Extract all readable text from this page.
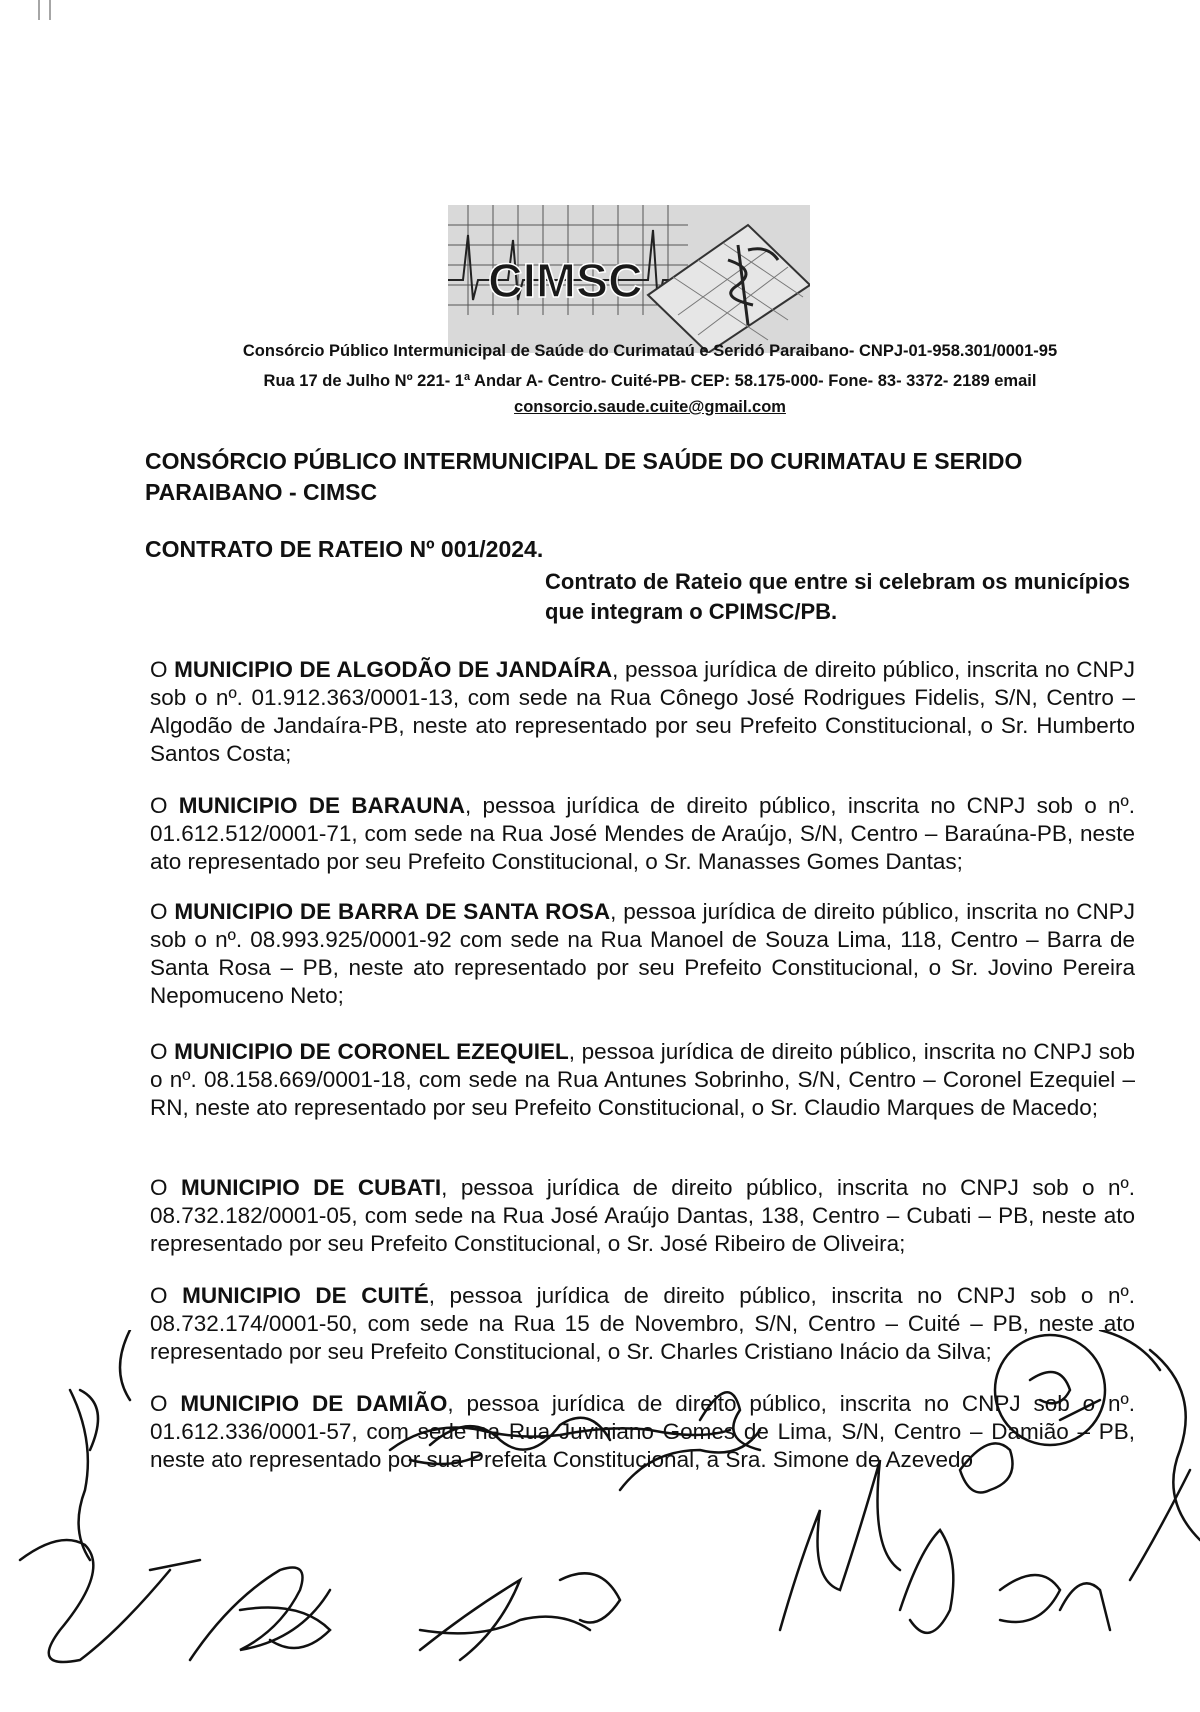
CIMSC
Consórcio Público Intermunicipal de Saúde do Curimataú e Seridó Paraibano- CNPJ-01-958.301/0001-95
Rua 17 de Julho Nº 221- 1ª Andar A- Centro- Cuité-PB- CEP: 58.175-000- Fone- 83- 3372- 2189 email
consorcio.saude.cuite@gmail.com
CONSÓRCIO PÚBLICO INTERMUNICIPAL DE SAÚDE DO CURIMATAU E SERIDO PARAIBANO - CIMSC
CONTRATO DE RATEIO Nº 001/2024.
Contrato de Rateio que entre si celebram os municípios que integram o CPIMSC/PB.
O MUNICIPIO DE ALGODÃO DE JANDAÍRA, pessoa jurídica de direito público, inscrita no CNPJ sob o nº. 01.912.363/0001-13, com sede na Rua Cônego José Rodrigues Fidelis, S/N, Centro – Algodão de Jandaíra-PB, neste ato representado por seu Prefeito Constitucional, o Sr. Humberto Santos Costa;
O MUNICIPIO DE BARAUNA, pessoa jurídica de direito público, inscrita no CNPJ sob o nº. 01.612.512/0001-71, com sede na Rua José Mendes de Araújo, S/N, Centro – Baraúna-PB, neste ato representado por seu Prefeito Constitucional, o Sr. Manasses Gomes Dantas;
O MUNICIPIO DE BARRA DE SANTA ROSA, pessoa jurídica de direito público, inscrita no CNPJ sob o nº. 08.993.925/0001-92 com sede na Rua Manoel de Souza Lima, 118, Centro – Barra de Santa Rosa – PB, neste ato representado por seu Prefeito Constitucional, o Sr. Jovino Pereira Nepomuceno Neto;
O MUNICIPIO DE CORONEL EZEQUIEL, pessoa jurídica de direito público, inscrita no CNPJ sob o nº. 08.158.669/0001-18, com sede na Rua Antunes Sobrinho, S/N, Centro – Coronel Ezequiel – RN, neste ato representado por seu Prefeito Constitucional, o Sr. Claudio Marques de Macedo;
O MUNICIPIO DE CUBATI, pessoa jurídica de direito público, inscrita no CNPJ sob o nº. 08.732.182/0001-05, com sede na Rua José Araújo Dantas, 138, Centro – Cubati – PB, neste ato representado por seu Prefeito Constitucional, o Sr. José Ribeiro de Oliveira;
O MUNICIPIO DE CUITÉ, pessoa jurídica de direito público, inscrita no CNPJ sob o nº. 08.732.174/0001-50, com sede na Rua 15 de Novembro, S/N, Centro – Cuité – PB, neste ato representado por seu Prefeito Constitucional, o Sr. Charles Cristiano Inácio da Silva;
O MUNICIPIO DE DAMIÃO, pessoa jurídica de direito público, inscrita no CNPJ sob o nº. 01.612.336/0001-57, com sede na Rua Juviniano Gomes de Lima, S/N, Centro – Damião – PB, neste ato representado por sua Prefeita Constitucional, a Sra. Simone de Azevedo
